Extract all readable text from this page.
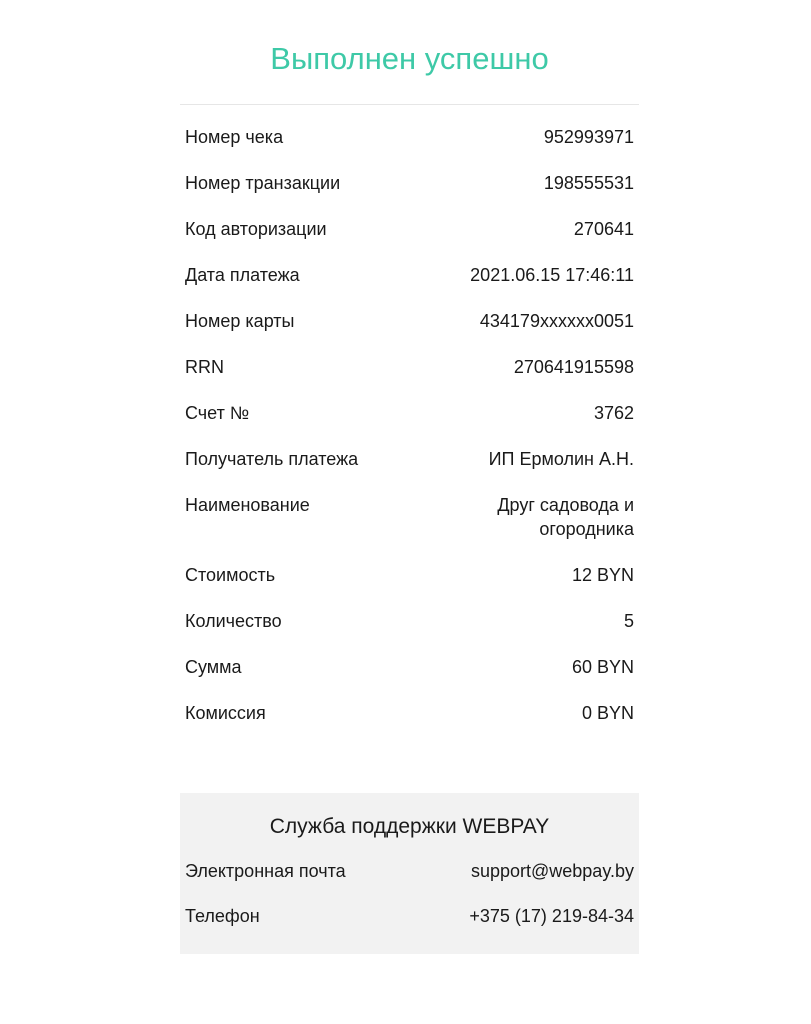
Выполнен успешно
Номер чека	952993971
Номер транзакции	198555531
Код авторизации	270641
Дата платежа	2021.06.15 17:46:11
Номер карты	434179xxxxxx0051
RRN	270641915598
Счет №	3762
Получатель платежа	ИП Ермолин А.Н.
Наименование	Друг садовода и огородника
Стоимость	12 BYN
Количество	5
Сумма	60 BYN
Комиссия	0 BYN
Служба поддержки WEBPAY
Электронная почта	support@webpay.by
Телефон	+375 (17) 219-84-34
